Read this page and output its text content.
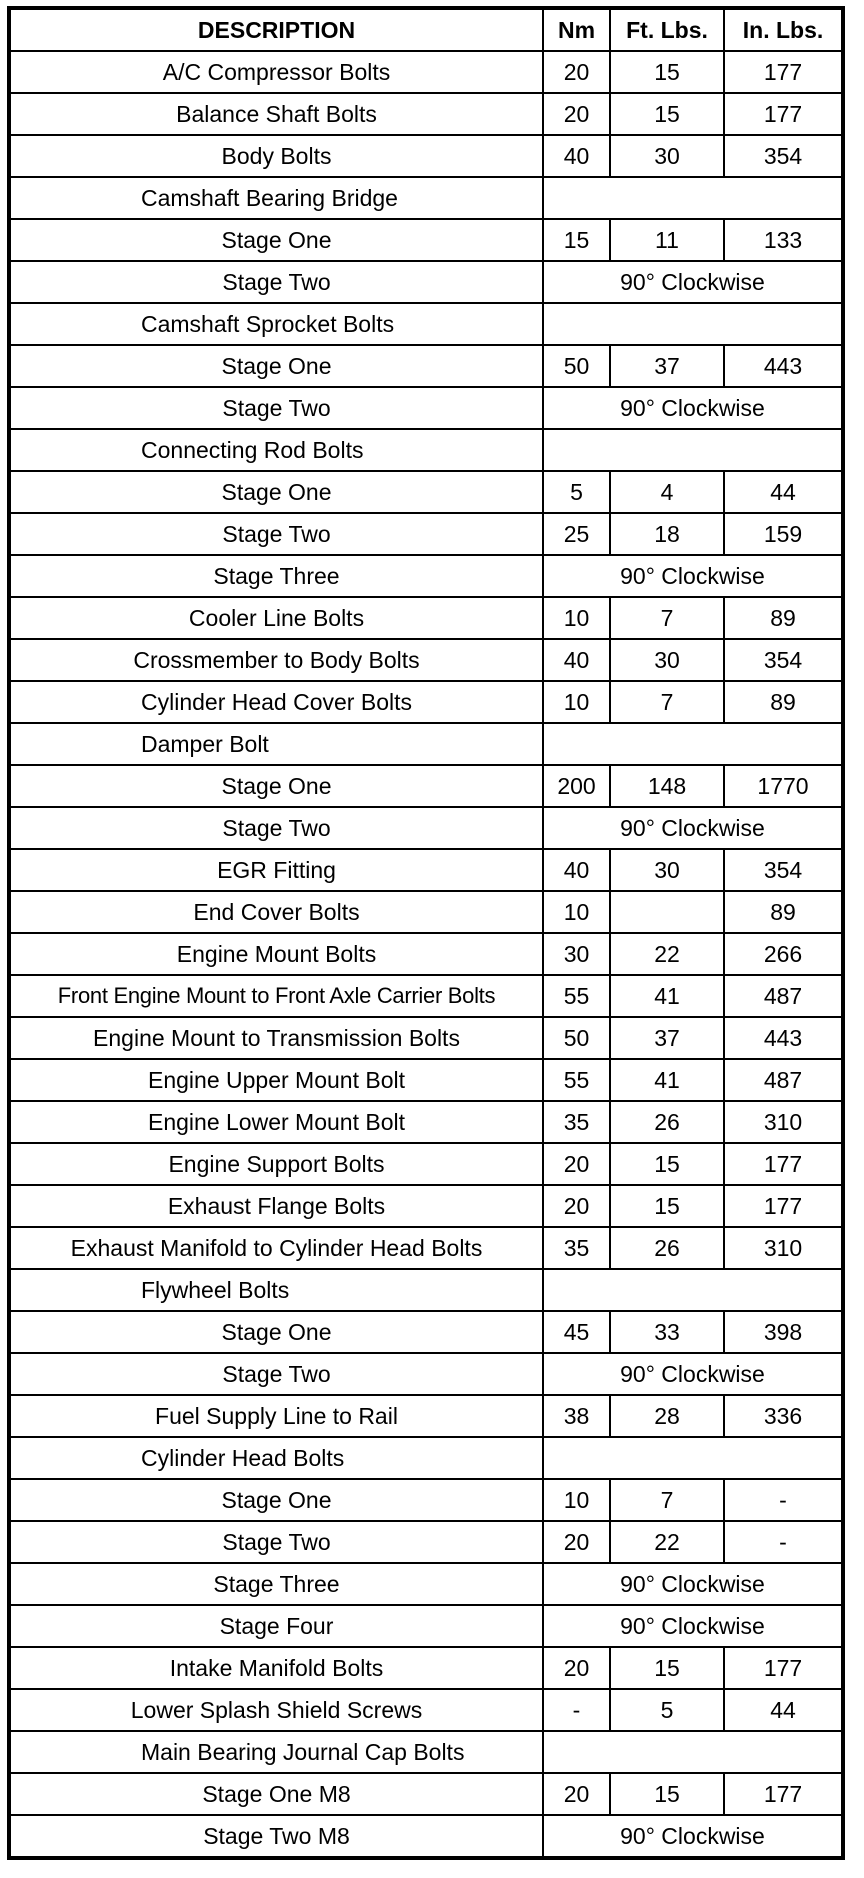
DESCRIPTION	Nm	Ft. Lbs.	In. Lbs.
A/C Compressor Bolts	20	15	177
Balance Shaft Bolts	20	15	177
Body Bolts	40	30	354
Camshaft Bearing Bridge			
Stage One	15	11	133
Stage Two	90° Clockwise		
Camshaft Sprocket Bolts			
Stage One	50	37	443
Stage Two	90° Clockwise		
Connecting Rod Bolts			
Stage One	5	4	44
Stage Two	25	18	159
Stage Three	90° Clockwise		
Cooler Line Bolts	10	7	89
Crossmember to Body Bolts	40	30	354
Cylinder Head Cover Bolts	10	7	89
Damper Bolt			
Stage One	200	148	1770
Stage Two	90° Clockwise		
EGR Fitting	40	30	354
End Cover Bolts	10		89
Engine Mount Bolts	30	22	266
Front Engine Mount to Front Axle Carrier Bolts	55	41	487
Engine Mount to Transmission Bolts	50	37	443
Engine Upper Mount Bolt	55	41	487
Engine Lower Mount Bolt	35	26	310
Engine Support Bolts	20	15	177
Exhaust Flange Bolts	20	15	177
Exhaust Manifold to Cylinder Head Bolts	35	26	310
Flywheel Bolts			
Stage One	45	33	398
Stage Two	90° Clockwise		
Fuel Supply Line to Rail	38	28	336
Cylinder Head Bolts			
Stage One	10	7	-
Stage Two	20	22	-
Stage Three	90° Clockwise		
Stage Four	90° Clockwise		
Intake Manifold Bolts	20	15	177
Lower Splash Shield Screws	-	5	44
Main Bearing Journal Cap Bolts			
Stage One M8	20	15	177
Stage Two M8	90° Clockwise		
